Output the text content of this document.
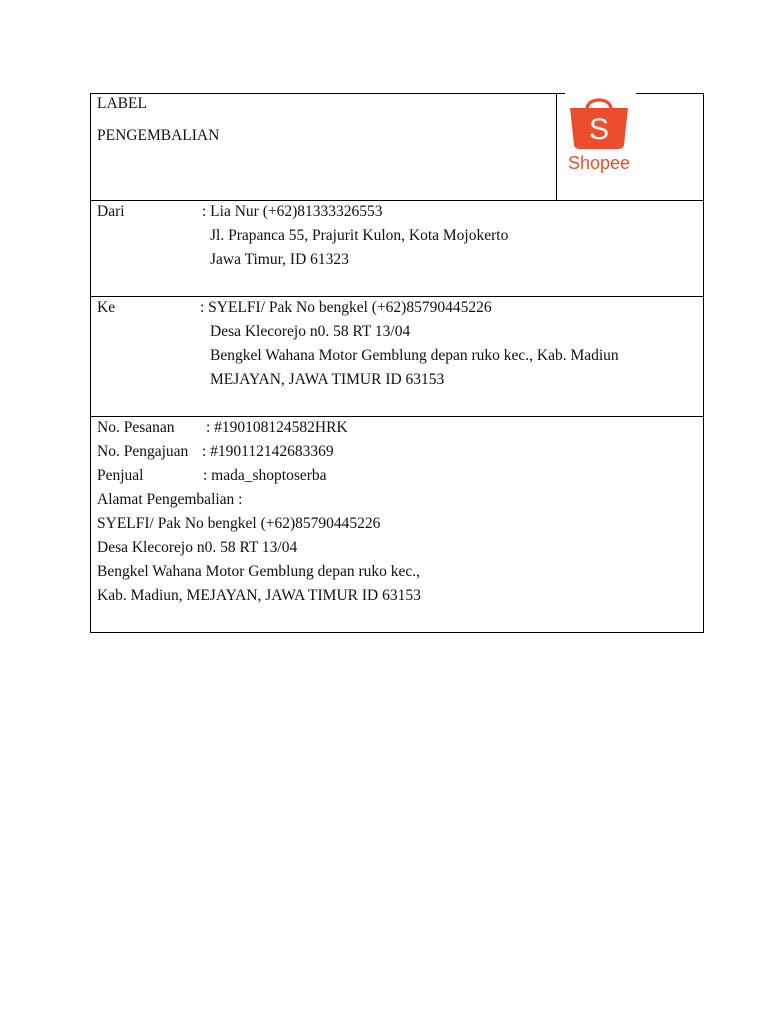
LABEL
PENGEMBALIAN	S
Shopee
Dari	: Lia Nur (+62)81333326553
Jl. Prapanca 55, Prajurit Kulon, Kota Mojokerto
Jawa Timur, ID 61323
Ke	: SYELFI/ Pak No bengkel (+62)85790445226
Desa Klecorejo n0. 58 RT 13/04
Bengkel Wahana Motor Gemblung depan ruko kec., Kab. Madiun
MEJAYAN, JAWA TIMUR ID 63153
No. Pesanan : #190108124582HRK
No. Pengajuan : #190112142683369
Penjual	: mada_shoptoserba
Alamat Pengembalian :
SYELFI/ Pak No bengkel (+62)85790445226
Desa Klecorejo n0. 58 RT 13/04
Bengkel Wahana Motor Gemblung depan ruko kec.,
Kab. Madiun, MEJAYAN, JAWA TIMUR ID 63153
